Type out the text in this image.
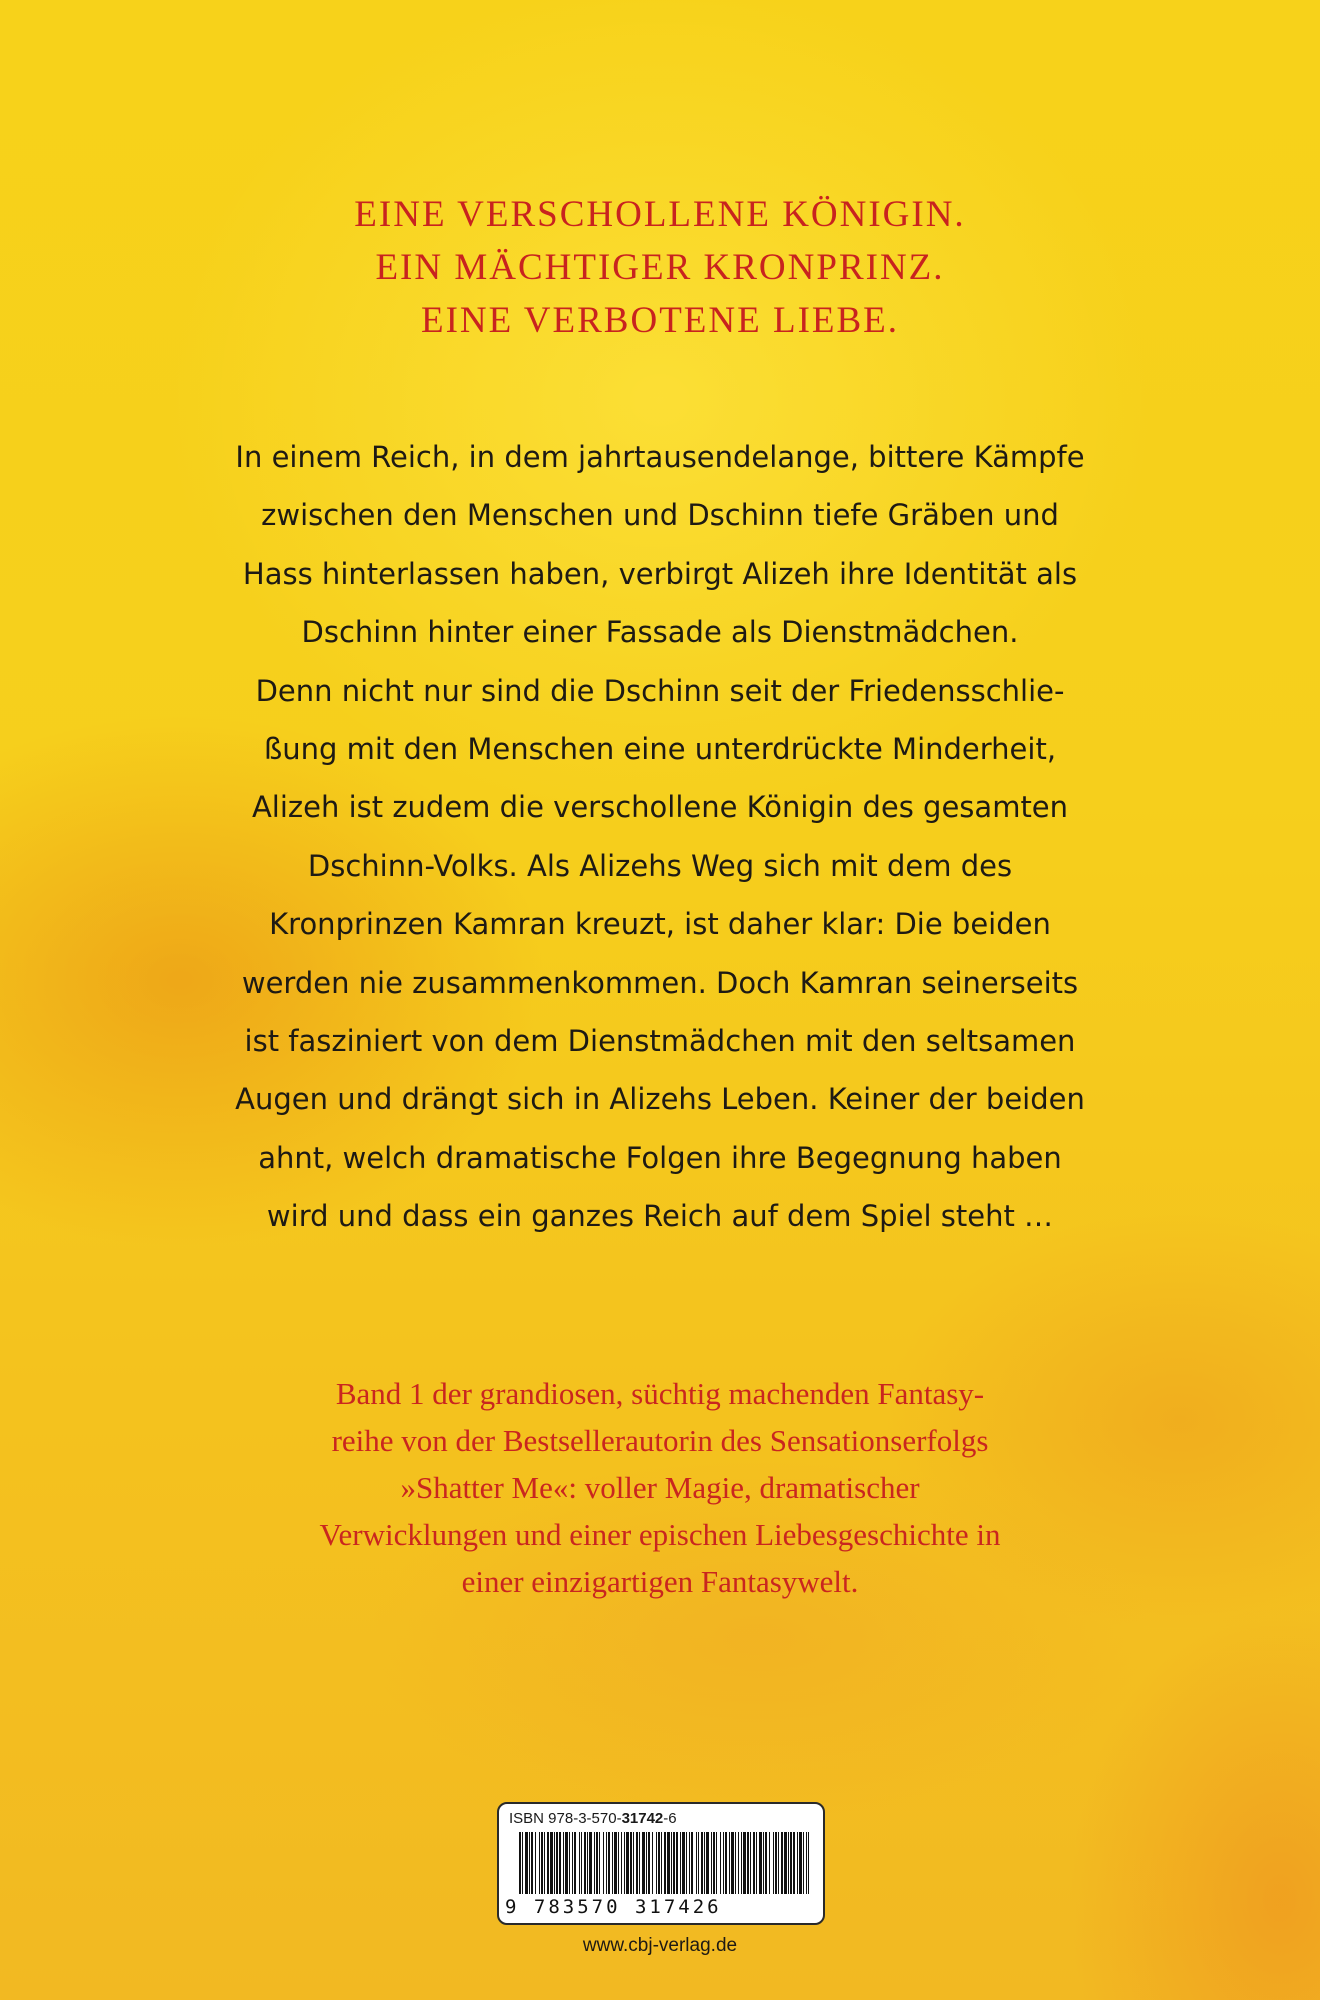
EINE VERSCHOLLENE KÖNIGIN.
EIN MÄCHTIGER KRONPRINZ.
EINE VERBOTENE LIEBE.
In einem Reich, in dem jahrtausendelange, bittere Kämpfe
zwischen den Menschen und Dschinn tiefe Gräben und
Hass hinterlassen haben, verbirgt Alizeh ihre Identität als
Dschinn hinter einer Fassade als Dienstmädchen.
Denn nicht nur sind die Dschinn seit der Friedensschlie-
ßung mit den Menschen eine unterdrückte Minderheit,
Alizeh ist zudem die verschollene Königin des gesamten
Dschinn-Volks. Als Alizehs Weg sich mit dem des
Kronprinzen Kamran kreuzt, ist daher klar: Die beiden
werden nie zusammenkommen. Doch Kamran seinerseits
ist fasziniert von dem Dienstmädchen mit den seltsamen
Augen und drängt sich in Alizehs Leben. Keiner der beiden
ahnt, welch dramatische Folgen ihre Begegnung haben
wird und dass ein ganzes Reich auf dem Spiel steht …
Band 1 der grandiosen, süchtig machenden Fantasy-
reihe von der Bestsellerautorin des Sensationserfolgs
»Shatter Me«: voller Magie, dramatischer
Verwicklungen und einer epischen Liebesgeschichte in
einer einzigartigen Fantasywelt.
ISBN 978-3-570-31742-6
9 783570 317426
www.cbj-verlag.de
